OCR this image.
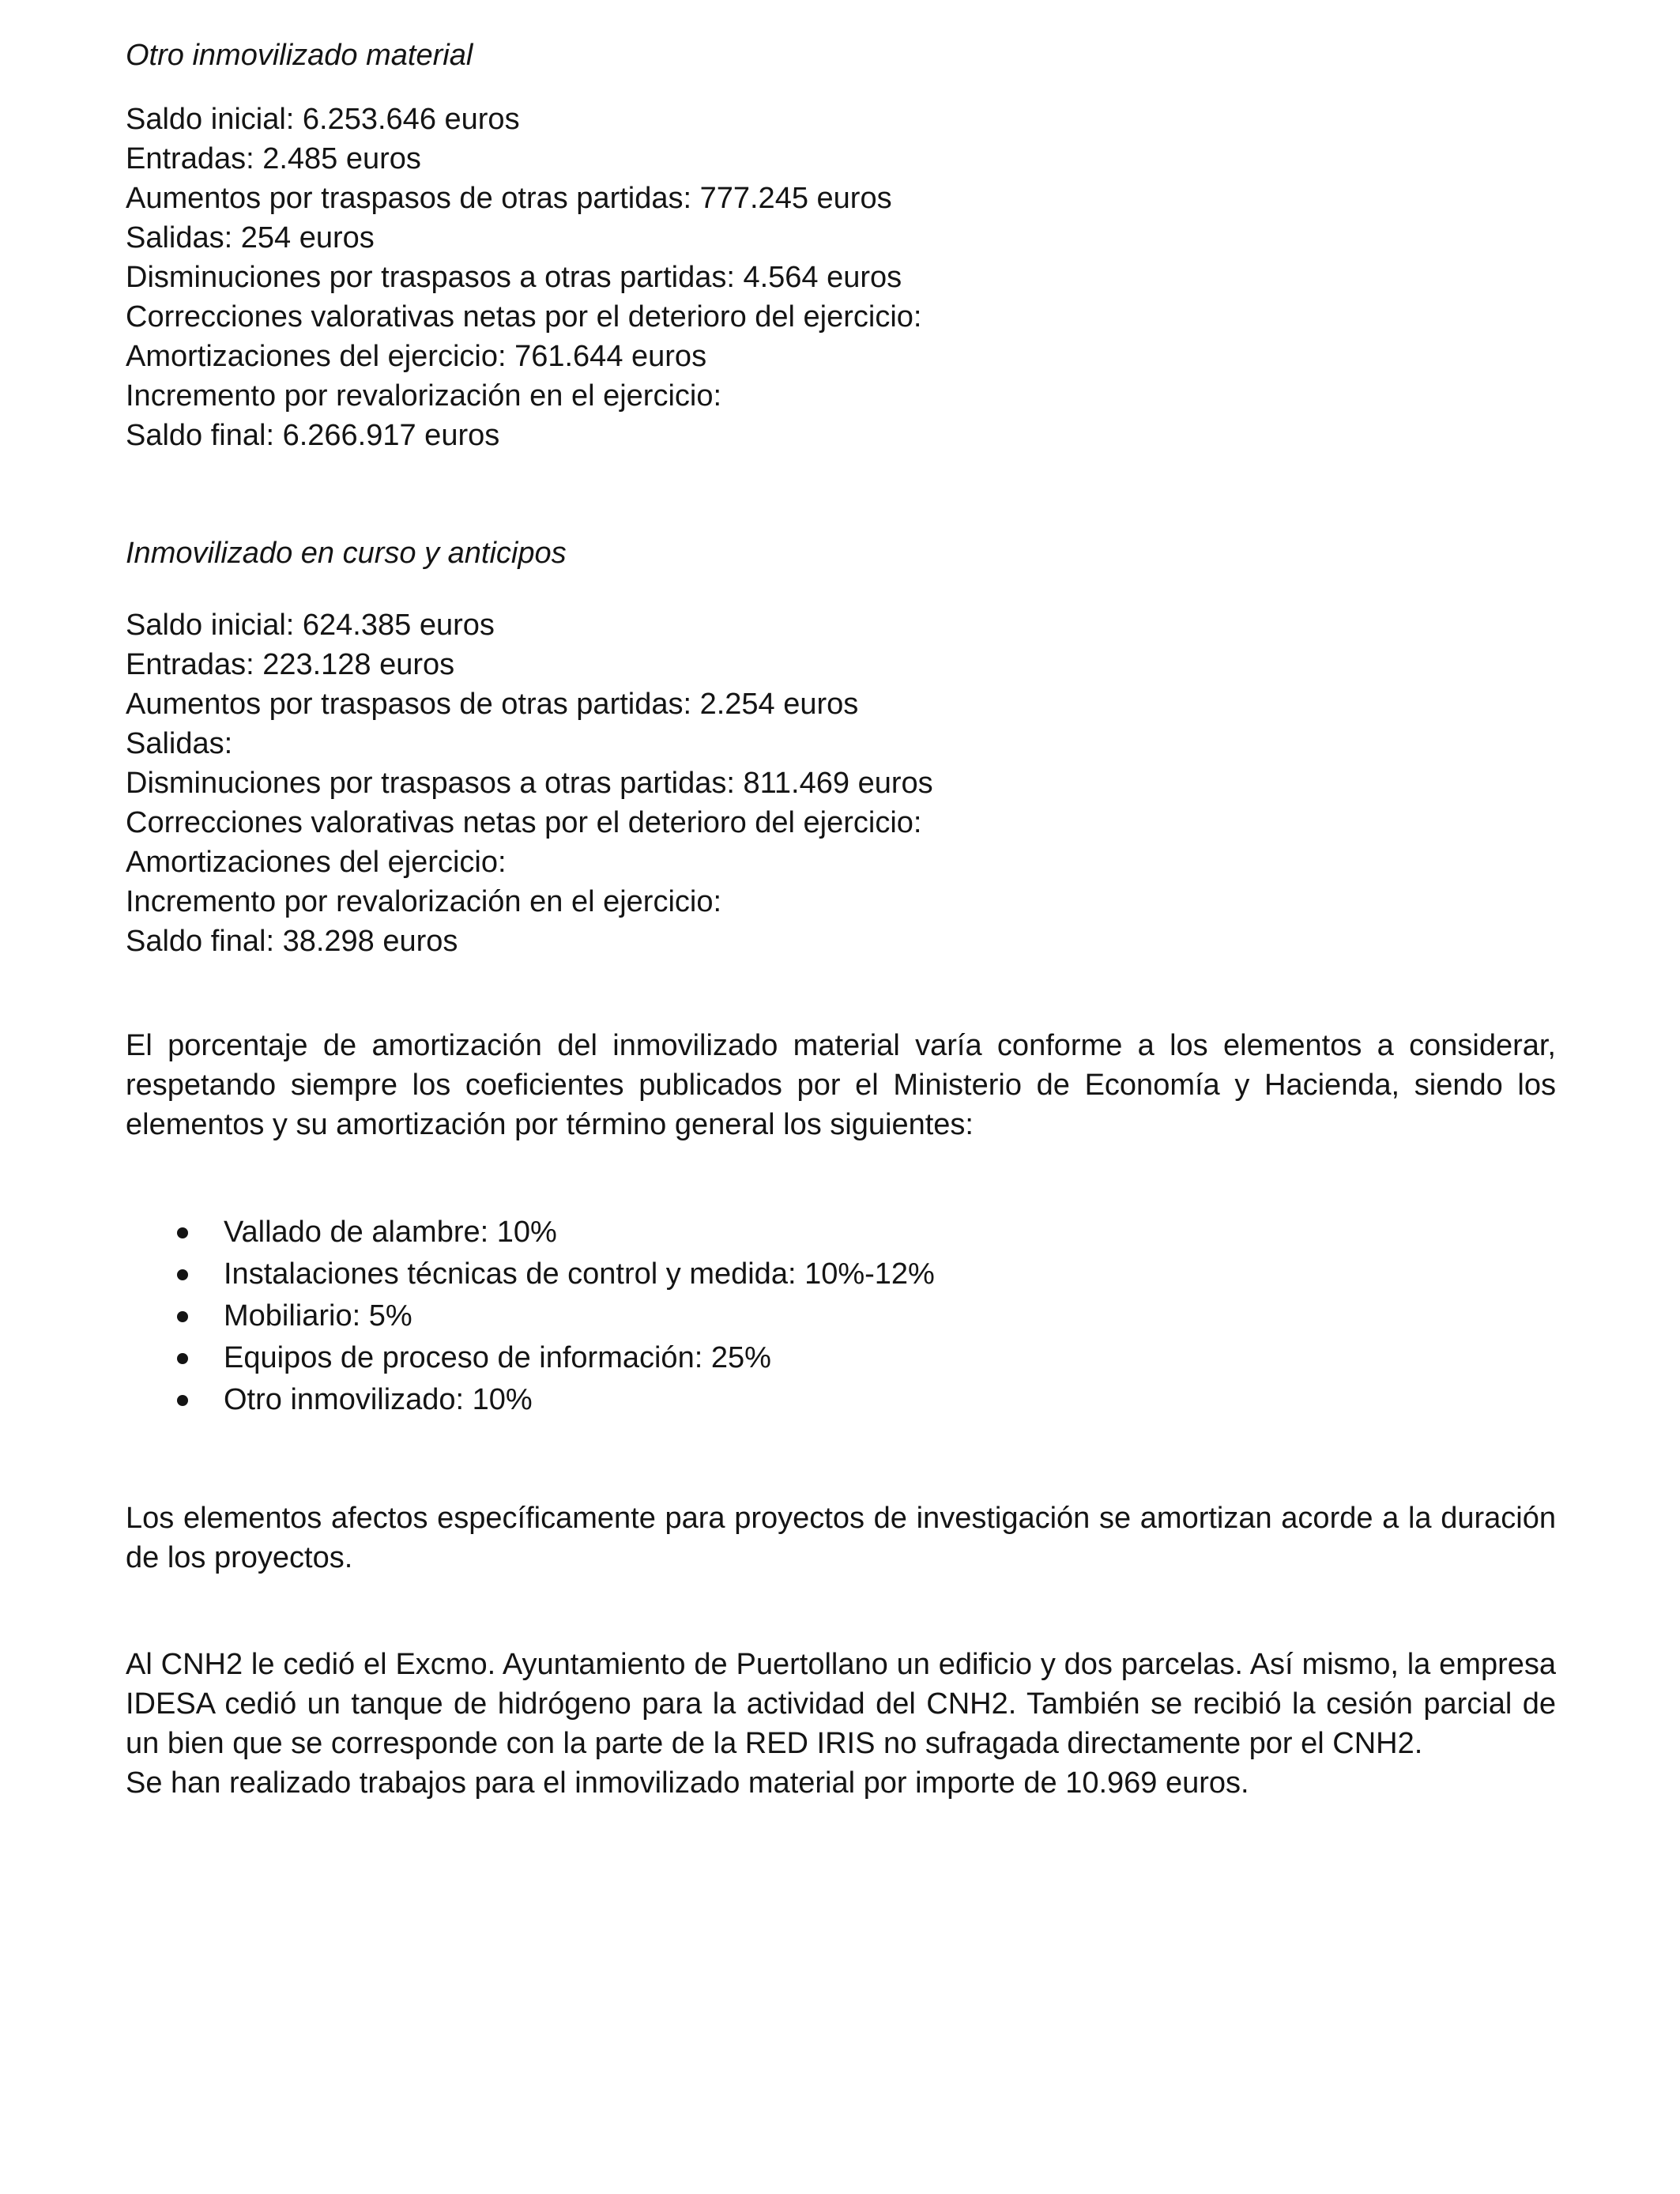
Otro inmovilizado material

Saldo inicial: 6.253.646 euros
Entradas: 2.485 euros
Aumentos por traspasos de otras partidas: 777.245 euros
Salidas: 254 euros
Disminuciones por traspasos a otras partidas: 4.564 euros
Correcciones valorativas netas por el deterioro del ejercicio:
Amortizaciones del ejercicio: 761.644 euros
Incremento por revalorización en el ejercicio:
Saldo final: 6.266.917 euros

Inmovilizado en curso y anticipos

Saldo inicial: 624.385 euros
Entradas: 223.128 euros
Aumentos por traspasos de otras partidas: 2.254 euros
Salidas:
Disminuciones por traspasos a otras partidas: 811.469 euros
Correcciones valorativas netas por el deterioro del ejercicio:
Amortizaciones del ejercicio:
Incremento por revalorización en el ejercicio:
Saldo final: 38.298 euros

El porcentaje de amortización del inmovilizado material varía conforme a los elementos a considerar, respetando siempre los coeficientes publicados por el Ministerio de Economía y Hacienda, siendo los elementos y su amortización por término general los siguientes:

Vallado de alambre: 10%
Instalaciones técnicas de control y medida: 10%-12%
Mobiliario: 5%
Equipos de proceso de información: 25%
Otro inmovilizado: 10%

Los elementos afectos específicamente para proyectos de investigación se amortizan acorde a la duración de los proyectos.

Al CNH2 le cedió el Excmo. Ayuntamiento de Puertollano un edificio y dos parcelas. Así mismo, la empresa IDESA cedió un tanque de hidrógeno para la actividad del CNH2. También se recibió la cesión parcial de un bien que se corresponde con la parte de la RED IRIS no sufragada directamente por el CNH2.

Se han realizado trabajos para el inmovilizado material por importe de 10.969 euros.
